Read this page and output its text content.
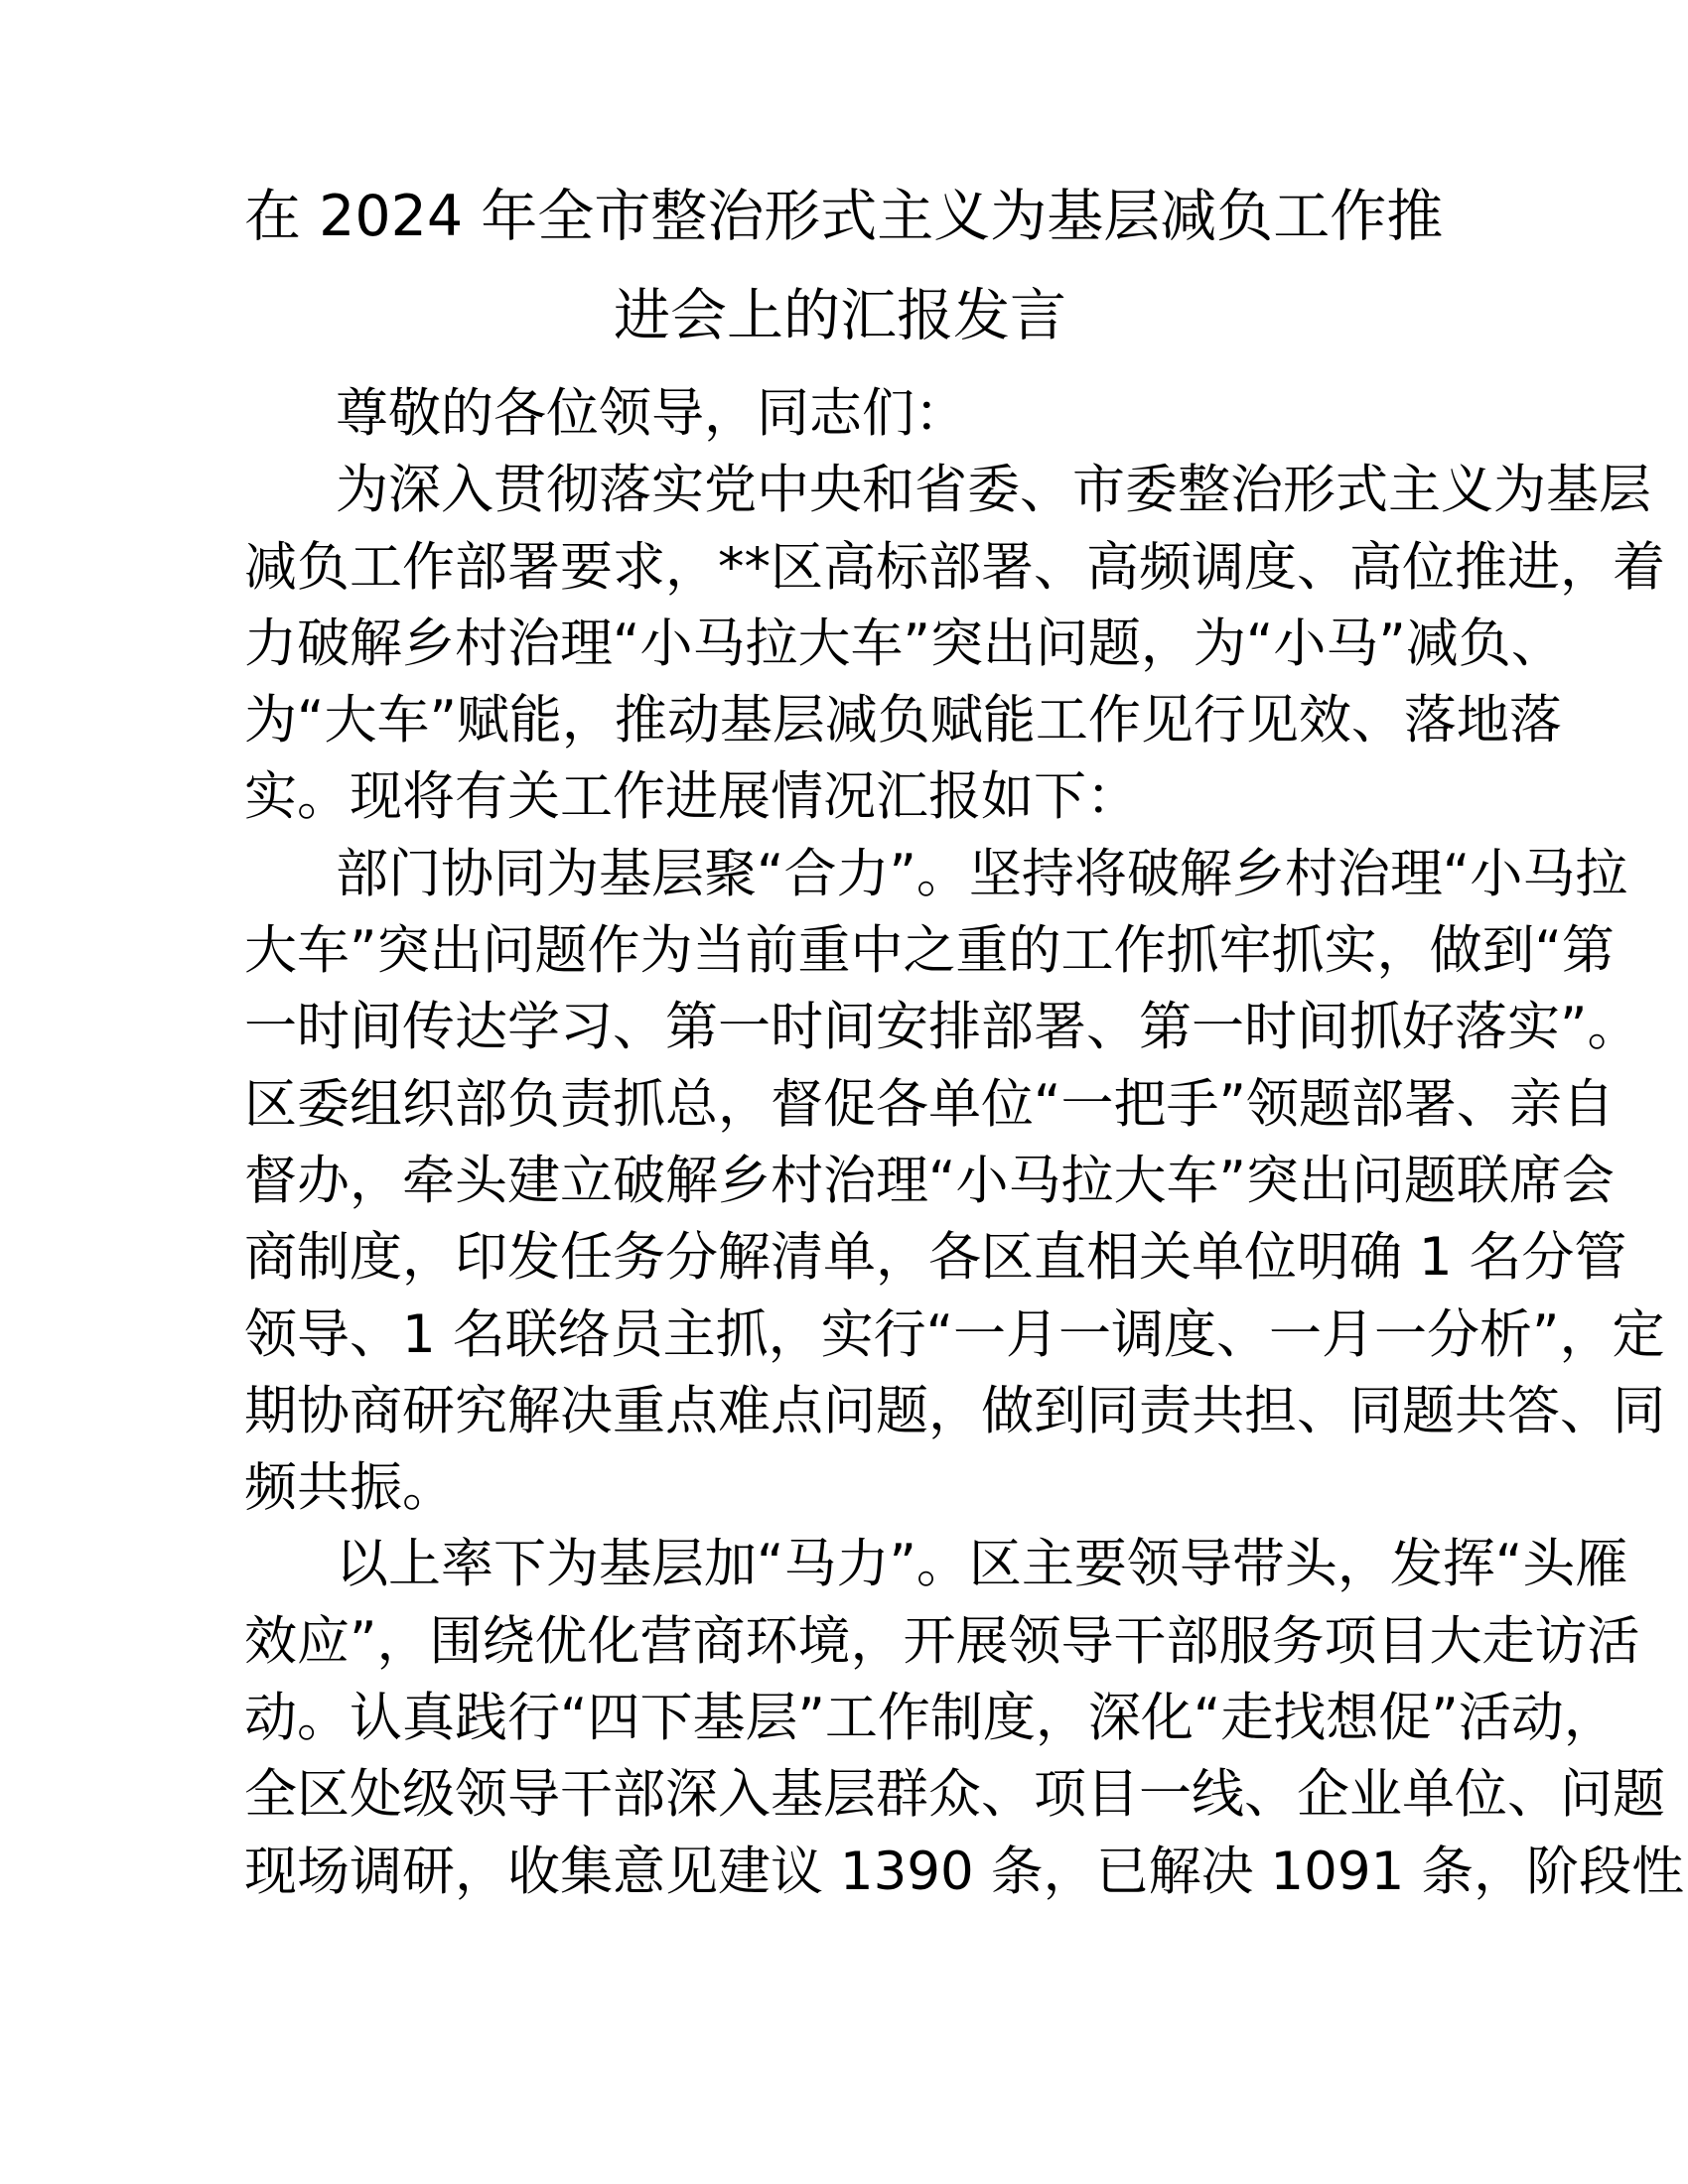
在 2024 年全市整治形式主义为基层减负工作推
进会上的汇报发言
尊敬的各位领导，同志们：
为深入贯彻落实党中央和省委、市委整治形式主义为基层
减负工作部署要求，**区高标部署、高频调度、高位推进，着
力破解乡村治理“小马拉大车”突出问题，为“小马”减负、
为“大车”赋能，推动基层减负赋能工作见行见效、落地落
实。现将有关工作进展情况汇报如下：
部门协同为基层聚“合力”。坚持将破解乡村治理“小马拉
大车”突出问题作为当前重中之重的工作抓牢抓实，做到“第
一时间传达学习、第一时间安排部署、第一时间抓好落实”。
区委组织部负责抓总，督促各单位“一把手”领题部署、亲自
督办，牵头建立破解乡村治理“小马拉大车”突出问题联席会
商制度，印发任务分解清单，各区直相关单位明确 1 名分管
领导、1 名联络员主抓，实行“一月一调度、一月一分析”，定
期协商研究解决重点难点问题，做到同责共担、同题共答、同
频共振。
以上率下为基层加“马力”。区主要领导带头，发挥“头雁
效应”，围绕优化营商环境，开展领导干部服务项目大走访活
动。认真践行“四下基层”工作制度，深化“走找想促”活动，
全区处级领导干部深入基层群众、项目一线、企业单位、问题
现场调研，收集意见建议 1390 条，已解决 1091 条，阶段性
